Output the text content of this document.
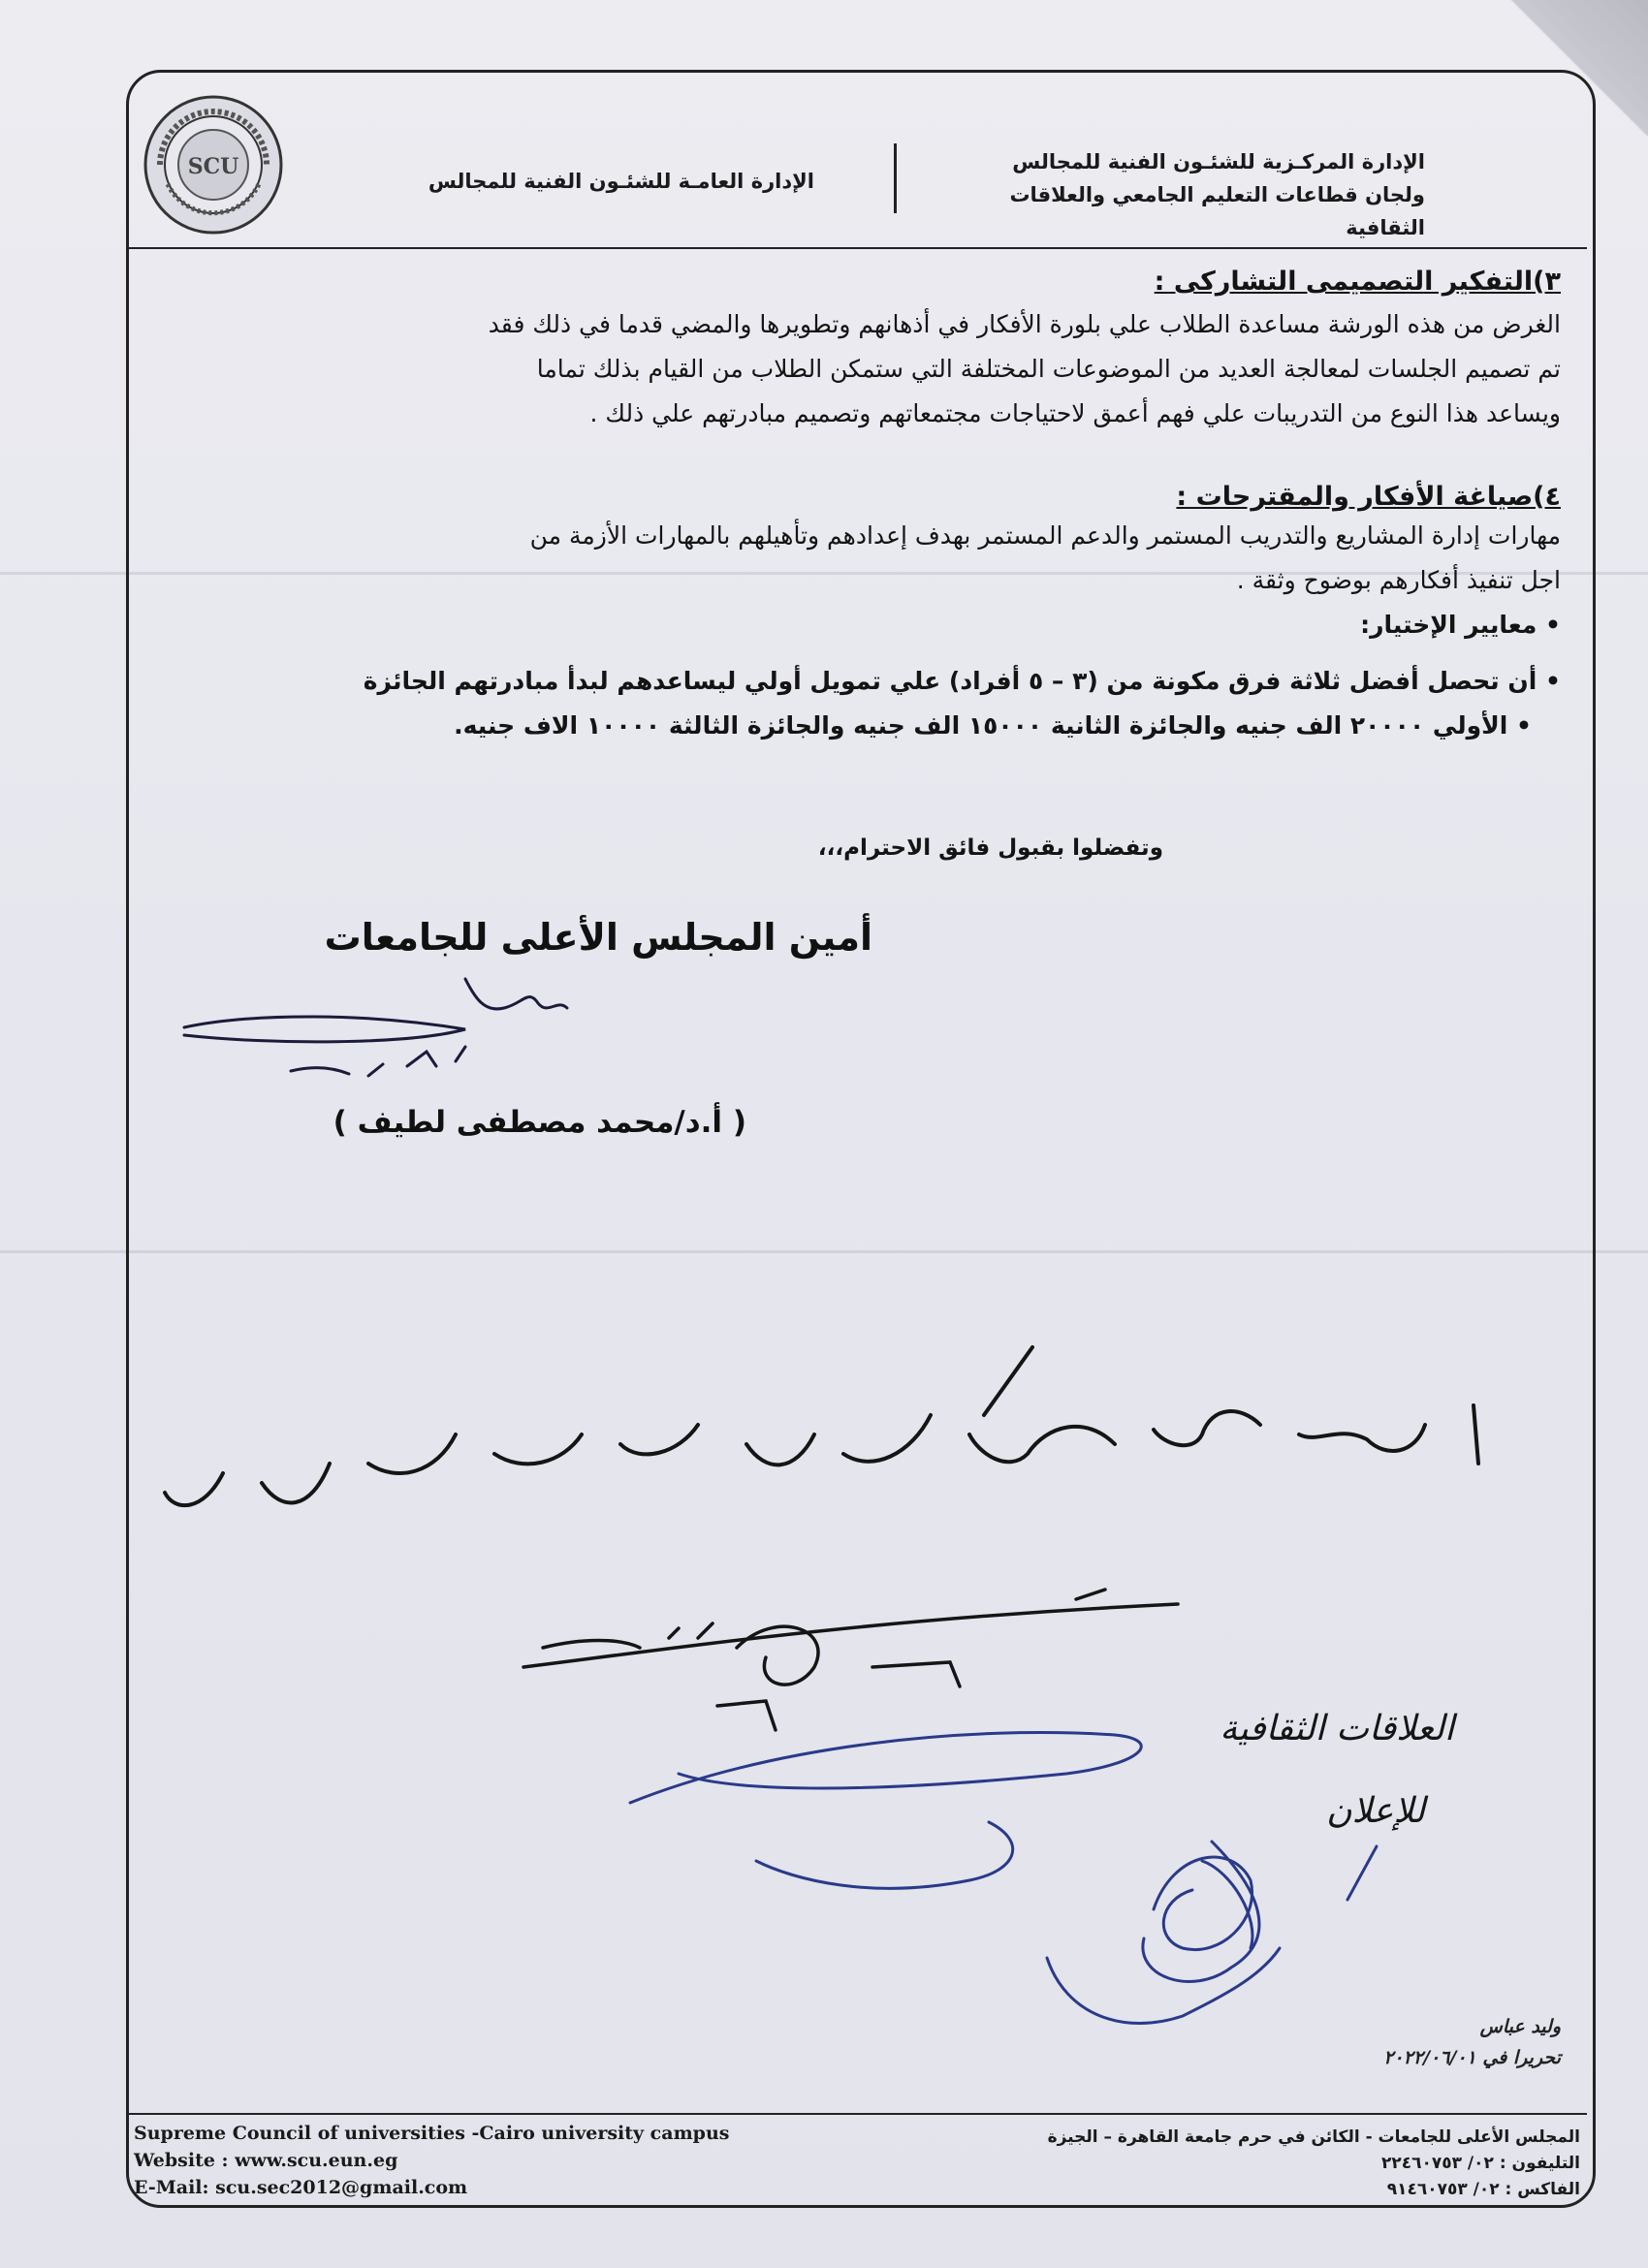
SCU	الإدارة المركـزية للشئـون الفنية للمجالس
ولجان قطاعات التعليم الجامعي والعلاقات الثقافية
الإدارة العامـة للشئـون الفنية للمجالس
٣)التفكير التصميمى التشاركى :
الغرض من هذه الورشة مساعدة الطلاب علي بلورة الأفكار في أذهانهم وتطويرها والمضي قدما في ذلك فقد
تم تصميم الجلسات لمعالجة العديد من الموضوعات المختلفة التي ستمكن الطلاب من القيام بذلك تماما
ويساعد هذا النوع من التدريبات علي فهم أعمق لاحتياجات مجتمعاتهم وتصميم مبادرتهم علي ذلك .
٤)صياغة الأفكار والمقترحات :
مهارات إدارة المشاريع والتدريب المستمر والدعم المستمر بهدف إعدادهم وتأهيلهم بالمهارات الأزمة من
اجل تنفيذ أفكارهم بوضوح وثقة .
• معايير الإختيار:
• أن تحصل أفضل ثلاثة فرق مكونة من (٣ – ٥ أفراد) علي تمويل أولي ليساعدهم لبدأ مبادرتهم الجائزة
• الأولي ٢٠٠٠٠ الف جنيه والجائزة الثانية ١٥٠٠٠ الف جنيه والجائزة الثالثة ١٠٠٠٠ الاف جنيه.
وتفضلوا بقبول فائق الاحترام،،،
أمين المجلس الأعلى للجامعات
( أ.د/محمد مصطفى لطيف )
العلاقات الثقافية
للإعلان
وليد عباس
تحريرا في ٢٠٢٢/٠٦/٠١
Supreme Council of universities -Cairo university campus
Website : www.scu.eun.eg
E-Mail: scu.sec2012@gmail.com
المجلس الأعلى للجامعات - الكائن في حرم جامعة القاهرة – الجيزة
التليفون : ٠٢/ ٢٢٤٦٠٧٥٣
الفاكس : ٠٢/ ٩١٤٦٠٧٥٣
